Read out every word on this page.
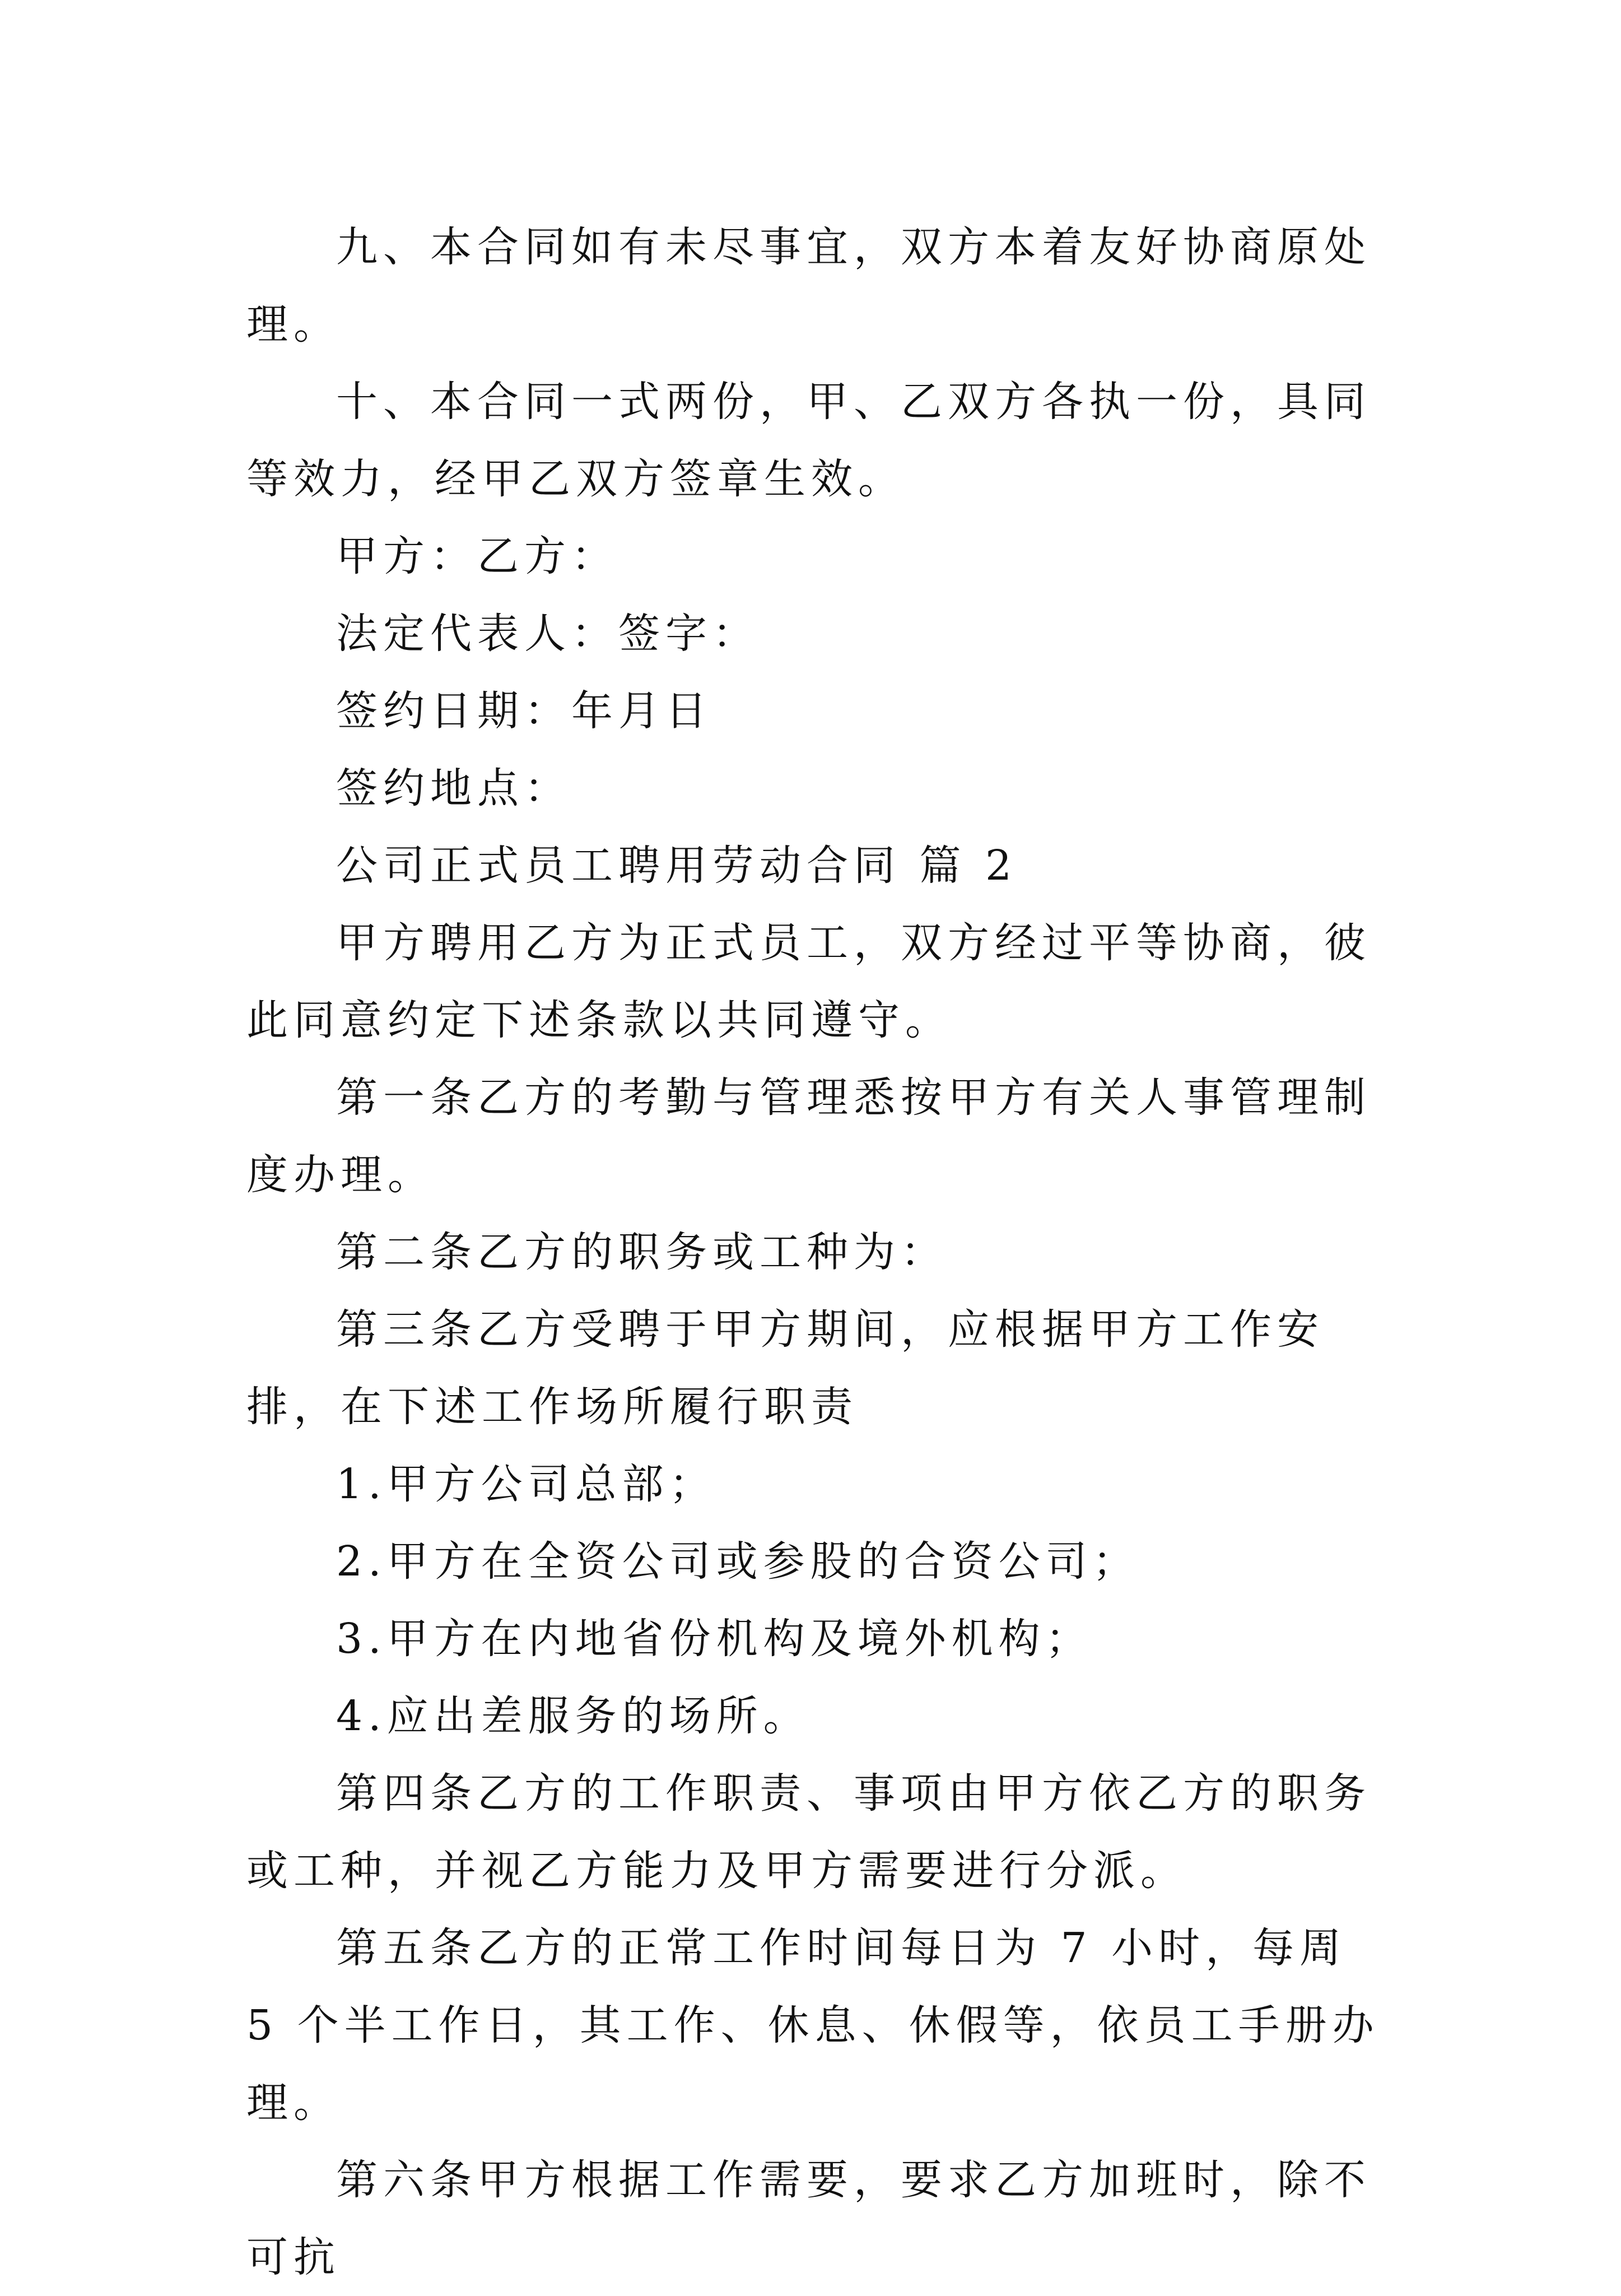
九、本合同如有未尽事宜，双方本着友好协商原处理。

十、本合同一式两份，甲、乙双方各执一份，具同等效力，经甲乙双方签章生效。

甲方：乙方：

法定代表人：签字：

签约日期：年月日

签约地点：

公司正式员工聘用劳动合同 篇 2

甲方聘用乙方为正式员工，双方经过平等协商，彼此同意约定下述条款以共同遵守。

第一条乙方的考勤与管理悉按甲方有关人事管理制度办理。

第二条乙方的职务或工种为：

第三条乙方受聘于甲方期间，应根据甲方工作安排，在下述工作场所履行职责

1.甲方公司总部；

2.甲方在全资公司或参股的合资公司；

3.甲方在内地省份机构及境外机构；

4.应出差服务的场所。

第四条乙方的工作职责、事项由甲方依乙方的职务或工种，并视乙方能力及甲方需要进行分派。

第五条乙方的正常工作时间每日为 7 小时，每周 5 个半工作日，其工作、休息、休假等，依员工手册办理。

第六条甲方根据工作需要，要求乙方加班时，除不可抗
